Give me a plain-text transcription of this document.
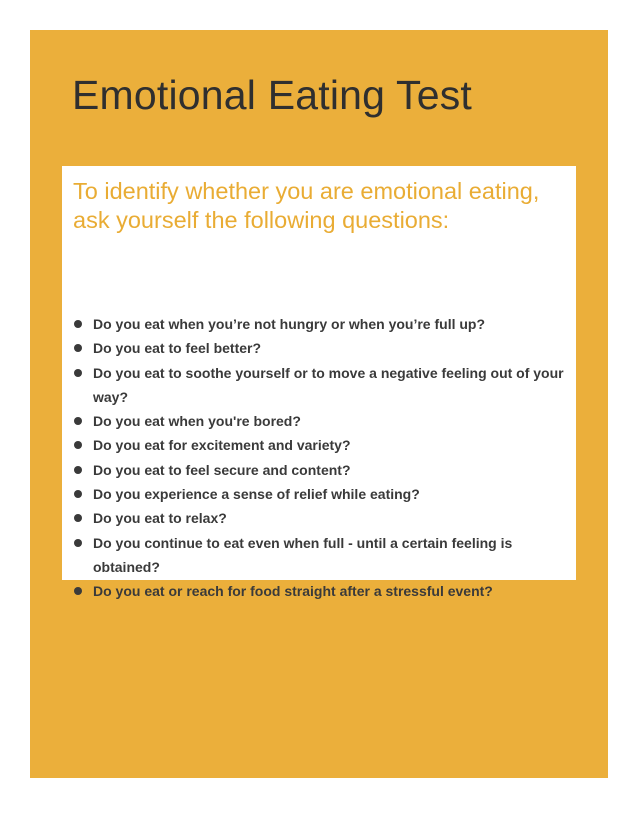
Emotional Eating Test

To identify whether you are emotional eating, ask yourself the following questions:

Do you eat when you’re not hungry or when you’re full up?
Do you eat to feel better?
Do you eat to soothe yourself or to move a negative feeling out of your way?
Do you eat when you're bored?
Do you eat for excitement and variety?
Do you eat to feel secure and content?
Do you experience a sense of relief while eating?
Do you eat to relax?
Do you continue to eat even when full - until a certain feeling is obtained?
Do you eat or reach for food straight after a stressful event?
